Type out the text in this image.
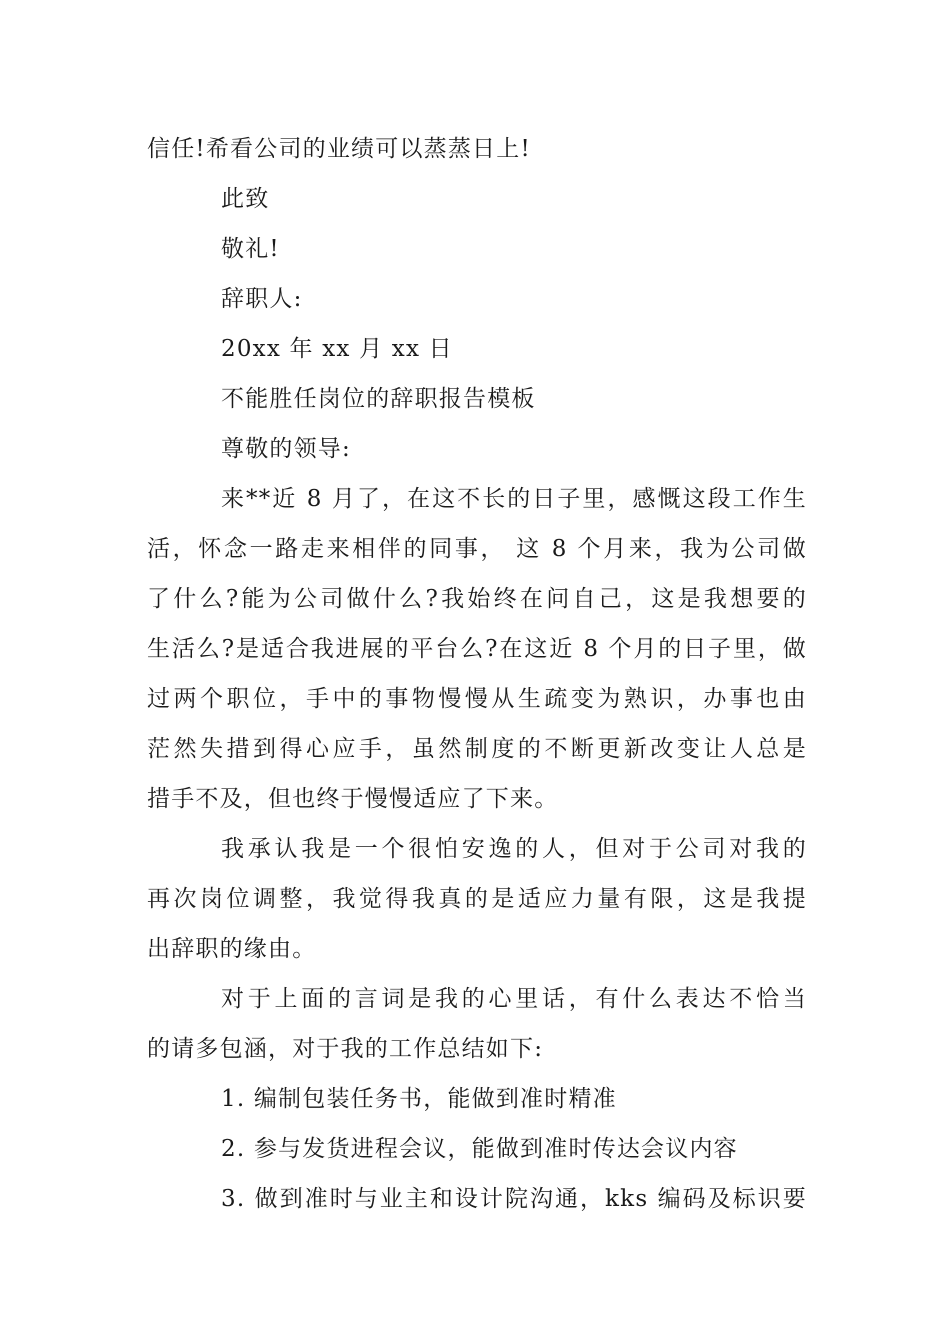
信任!希看公司的业绩可以蒸蒸日上!

此致

敬礼!

辞职人:

20xx 年 xx 月 xx 日

不能胜任岗位的辞职报告模板

尊敬的领导:

来**近 8 月了，在这不长的日子里，感慨这段工作生

活，怀念一路走来相伴的同事， 这 8 个月来，我为公司做

了什么?能为公司做什么?我始终在问自己，这是我想要的

生活么?是适合我进展的平台么?在这近 8 个月的日子里，做

过两个职位，手中的事物慢慢从生疏变为熟识，办事也由

茫然失措到得心应手，虽然制度的不断更新改变让人总是

措手不及，但也终于慢慢适应了下来。

我承认我是一个很怕安逸的人，但对于公司对我的

再次岗位调整，我觉得我真的是适应力量有限，这是我提

出辞职的缘由。

对于上面的言词是我的心里话，有什么表达不恰当

的请多包涵，对于我的工作总结如下:

1. 编制包装任务书，能做到准时精准

2. 参与发货进程会议，能做到准时传达会议内容

3. 做到准时与业主和设计院沟通，kks 编码及标识要
